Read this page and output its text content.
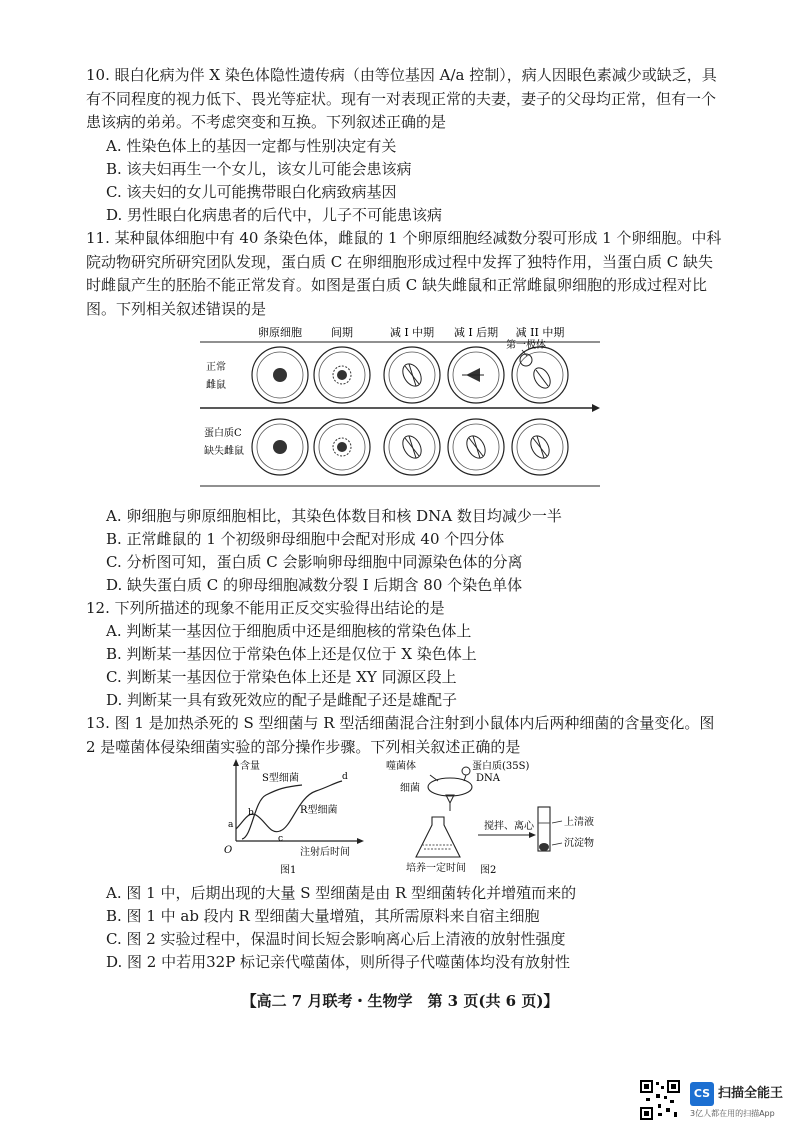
10. 眼白化病为伴 X 染色体隐性遗传病（由等位基因 A/a 控制），病人因眼色素减少或缺乏，具有不同程度的视力低下、畏光等症状。现有一对表现正常的夫妻，妻子的父母均正常，但有一个患该病的弟弟。不考虑突变和互换。下列叙述正确的是

A. 性染色体上的基因一定都与性别决定有关
B. 该夫妇再生一个女儿，该女儿可能会患该病
C. 该夫妇的女儿可能携带眼白化病致病基因
D. 男性眼白化病患者的后代中，儿子不可能患该病

11. 某种鼠体细胞中有 40 条染色体，雌鼠的 1 个卵原细胞经减数分裂可形成 1 个卵细胞。中科院动物研究所研究团队发现，蛋白质 C 在卵细胞形成过程中发挥了独特作用，当蛋白质 C 缺失时雌鼠产生的胚胎不能正常发育。如图是蛋白质 C 缺失雌鼠和正常雌鼠卵细胞的形成过程对比图。下列相关叙述错误的是

卵原细胞	间期	减 I 中期 减 I 后期 减 II 中期
正常
雌鼠
蛋白质C
缺失雌鼠
第一极体
A. 卵细胞与卵原细胞相比，其染色体数目和核 DNA 数目均减少一半
B. 正常雌鼠的 1 个初级卵母细胞中会配对形成 40 个四分体
C. 分析图可知，蛋白质 C 会影响卵母细胞中同源染色体的分离
D. 缺失蛋白质 C 的卵母细胞减数分裂 Ⅰ 后期含 80 个染色单体

12. 下列所描述的现象不能用正反交实验得出结论的是

A. 判断某一基因位于细胞质中还是细胞核的常染色体上
B. 判断某一基因位于常染色体上还是仅位于 X 染色体上
C. 判断某一基因位于常染色体上还是 XY 同源区段上
D. 判断某一具有致死效应的配子是雌配子还是雄配子

13. 图 1 是加热杀死的 S 型细菌与 R 型活细菌混合注射到小鼠体内后两种细菌的含量变化。图 2 是噬菌体侵染细菌实验的部分操作步骤。下列相关叙述正确的是

含量
注射后时间
O
S型细菌
R型细菌
a
b
c
d
图1
噬菌体	蛋白质(35S)
DNA
细菌
培养一定时间
搅拌、离心	上清液
沉淀物
图2
A. 图 1 中，后期出现的大量 S 型细菌是由 R 型细菌转化并增殖而来的
B. 图 1 中 ab 段内 R 型细菌大量增殖，其所需原料来自宿主细胞
C. 图 2 实验过程中，保温时间长短会影响离心后上清液的放射性强度
D. 图 2 中若用32P 标记亲代噬菌体，则所得子代噬菌体均没有放射性
【高二 7 月联考・生物学　第 3 页(共 6 页)】
CS 扫描全能王
3亿人都在用的扫描App
